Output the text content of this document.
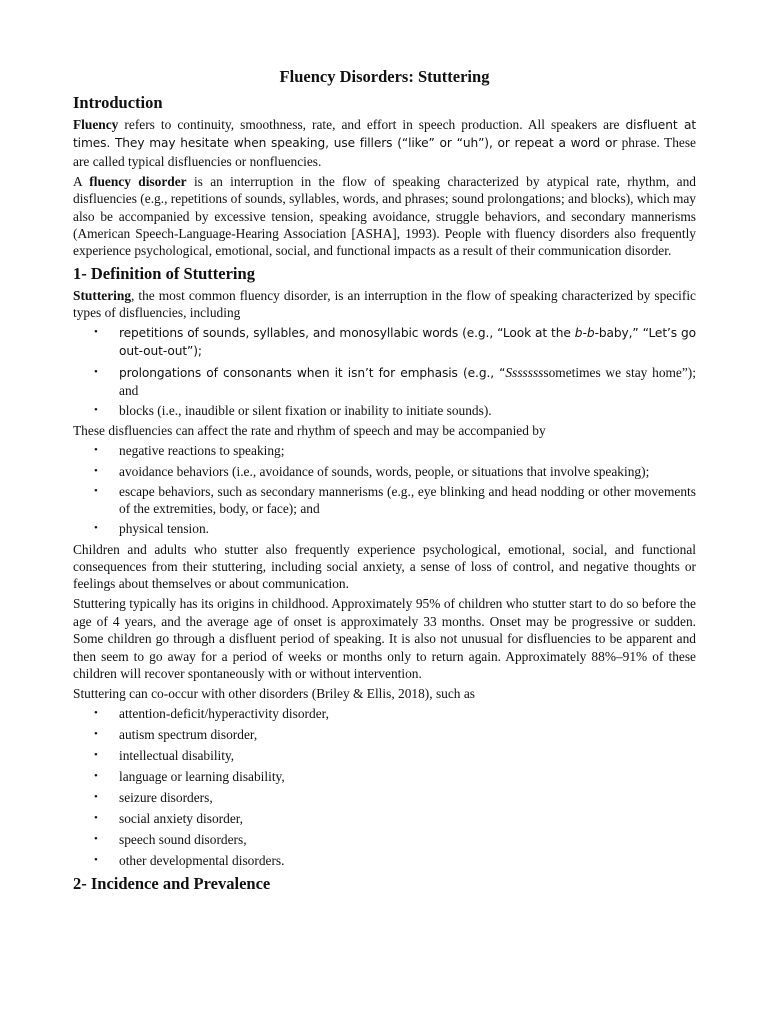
Fluency Disorders: Stuttering
Introduction

Fluency refers to continuity, smoothness, rate, and effort in speech production. All speakers are disfluent at times. They may hesitate when speaking, use fillers (“like” or “uh”), or repeat a word or phrase. These are called typical disfluencies or nonfluencies.

A fluency disorder is an interruption in the flow of speaking characterized by atypical rate, rhythm, and disfluencies (e.g., repetitions of sounds, syllables, words, and phrases; sound prolongations; and blocks), which may also be accompanied by excessive tension, speaking avoidance, struggle behaviors, and secondary mannerisms (American Speech-Language-Hearing Association [ASHA], 1993). People with fluency disorders also frequently experience psychological, emotional, social, and functional impacts as a result of their communication disorder.

1- Definition of Stuttering

Stuttering, the most common fluency disorder, is an interruption in the flow of speaking characterized by specific types of disfluencies, including

• repetitions of sounds, syllables, and monosyllabic words (e.g., “Look at the b-b-baby,” “Let’s go out-out-out”);
• prolongations of consonants when it isn’t for emphasis (e.g., “Ssssssssometimes we stay home”); and
• blocks (i.e., inaudible or silent fixation or inability to initiate sounds).

These disfluencies can affect the rate and rhythm of speech and may be accompanied by

• negative reactions to speaking;
• avoidance behaviors (i.e., avoidance of sounds, words, people, or situations that involve speaking);
• escape behaviors, such as secondary mannerisms (e.g., eye blinking and head nodding or other movements of the extremities, body, or face); and
• physical tension.

Children and adults who stutter also frequently experience psychological, emotional, social, and functional consequences from their stuttering, including social anxiety, a sense of loss of control, and negative thoughts or feelings about themselves or about communication.

Stuttering typically has its origins in childhood. Approximately 95% of children who stutter start to do so before the age of 4 years, and the average age of onset is approximately 33 months. Onset may be progressive or sudden. Some children go through a disfluent period of speaking. It is also not unusual for disfluencies to be apparent and then seem to go away for a period of weeks or months only to return again. Approximately 88%–91% of these children will recover spontaneously with or without intervention.

Stuttering can co-occur with other disorders (Briley & Ellis, 2018), such as

• attention-deficit/hyperactivity disorder,
• autism spectrum disorder,
• intellectual disability,
• language or learning disability,
• seizure disorders,
• social anxiety disorder,
• speech sound disorders,
• other developmental disorders.
2- Incidence and Prevalence
